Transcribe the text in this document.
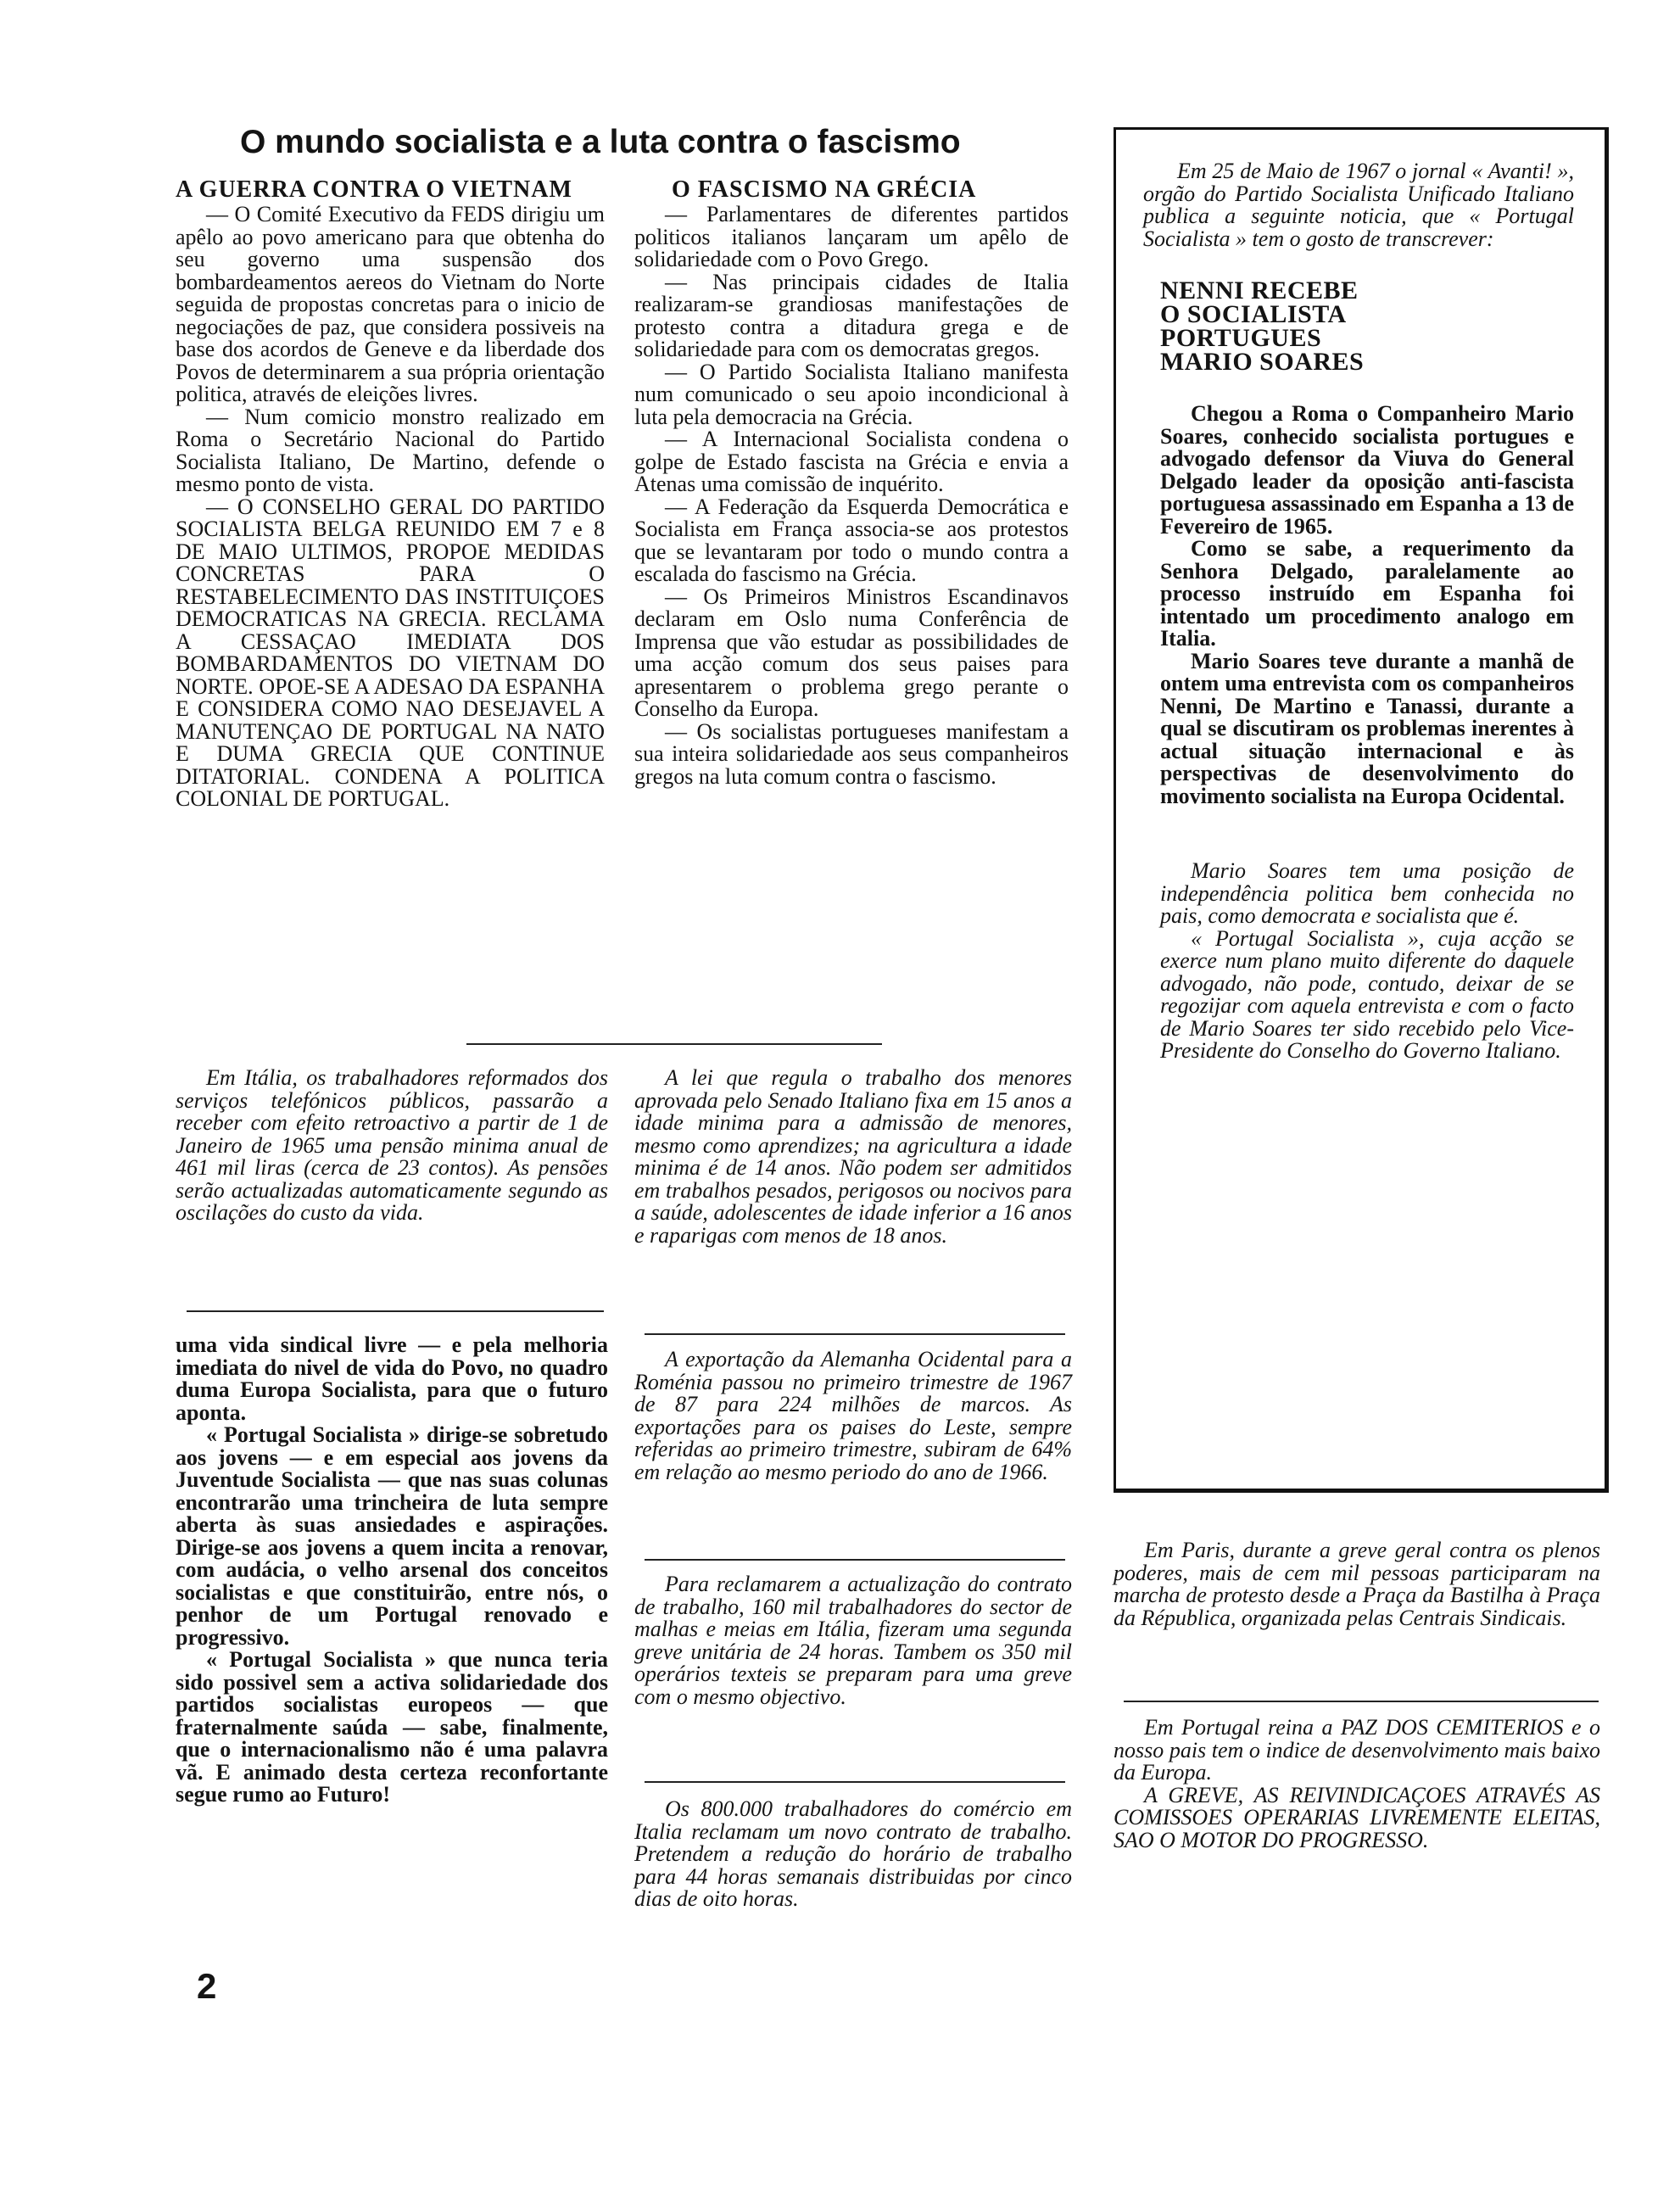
O mundo socialista e a luta contra o fascismo
A GUERRA CONTRA O VIETNAM

— O Comité Executivo da FEDS dirigiu um apêlo ao povo americano para que obtenha do seu governo uma suspensão dos bombardeamentos aereos do Vietnam do Norte seguida de propostas concretas para o inicio de negociações de paz, que considera possiveis na base dos acordos de Geneve e da liberdade dos Povos de determinarem a sua própria orientação politica, através de eleições livres.

— Num comicio monstro realizado em Roma o Secretário Nacional do Partido Socialista Italiano, De Martino, defende o mesmo ponto de vista.

— O CONSELHO GERAL DO PARTIDO SOCIALISTA BELGA REUNIDO EM 7 e 8 DE MAIO ULTIMOS, PROPOE MEDIDAS CONCRETAS PARA O RESTABELECIMENTO DAS INSTITUIÇOES DEMOCRATICAS NA GRECIA. RECLAMA A CESSAÇAO IMEDIATA DOS BOMBARDAMENTOS DO VIETNAM DO NORTE. OPOE-SE A ADESAO DA ESPANHA E CONSIDERA COMO NAO DESEJAVEL A MANUTENÇAO DE PORTUGAL NA NATO E DUMA GRECIA QUE CONTINUE DITATORIAL. CONDENA A POLITICA COLONIAL DE PORTUGAL.

O FASCISMO NA GRÉCIA

— Parlamentares de diferentes partidos politicos italianos lançaram um apêlo de solidariedade com o Povo Grego.

— Nas principais cidades de Italia realizaram-se grandiosas manifestações de protesto contra a ditadura grega e de solidariedade para com os democratas gregos.

— O Partido Socialista Italiano manifesta num comunicado o seu apoio incondicional à luta pela democracia na Grécia.

— A Internacional Socialista condena o golpe de Estado fascista na Grécia e envia a Atenas uma comissão de inquérito.

— A Federação da Esquerda Democrática e Socialista em França associa-se aos protestos que se levantaram por todo o mundo contra a escalada do fascismo na Grécia.

— Os Primeiros Ministros Escandinavos declaram em Oslo numa Conferência de Imprensa que vão estudar as possibilidades de uma acção comum dos seus paises para apresentarem o problema grego perante o Conselho da Europa.

— Os socialistas portugueses manifestam a sua inteira solidariedade aos seus companheiros gregos na luta comum contra o fascismo.

Em 25 de Maio de 1967 o jornal « Avanti! », orgão do Partido Socialista Unificado Italiano publica a seguinte noticia, que « Portugal Socialista » tem o gosto de transcrever:

NENNI RECEBE

O SOCIALISTA

PORTUGUES

MARIO SOARES

Chegou a Roma o Companheiro Mario Soares, conhecido socialista portugues e advogado defensor da Viuva do General Delgado leader da oposição anti-fascista portuguesa assassinado em Espanha a 13 de Fevereiro de 1965.

Como se sabe, a requerimento da Senhora Delgado, paralelamente ao processo instruído em Espanha foi intentado um procedimento analogo em Italia.

Mario Soares teve durante a manhã de ontem uma entrevista com os companheiros Nenni, De Martino e Tanassi, durante a qual se discutiram os problemas inerentes à actual situação internacional e às perspectivas de desenvolvimento do movimento socialista na Europa Ocidental.

Mario Soares tem uma posição de independência politica bem conhecida no pais, como democrata e socialista que é.

« Portugal Socialista », cuja acção se exerce num plano muito diferente do daquele advogado, não pode, contudo, deixar de se regozijar com aquela entrevista e com o facto de Mario Soares ter sido recebido pelo Vice-Presidente do Conselho do Governo Italiano.

Em Itália, os trabalhadores reformados dos serviços telefónicos públicos, passarão a receber com efeito retroactivo a partir de 1 de Janeiro de 1965 uma pensão minima anual de 461 mil liras (cerca de 23 contos). As pensões serão actualizadas automaticamente segundo as oscilações do custo da vida.

uma vida sindical livre — e pela melhoria imediata do nivel de vida do Povo, no quadro duma Europa Socialista, para que o futuro aponta.

« Portugal Socialista » dirige-se sobretudo aos jovens — e em especial aos jovens da Juventude Socialista — que nas suas colunas encontrarão uma trincheira de luta sempre aberta às suas ansiedades e aspirações. Dirige-se aos jovens a quem incita a renovar, com audácia, o velho arsenal dos conceitos socialistas e que constituirão, entre nós, o penhor de um Portugal renovado e progressivo.

« Portugal Socialista » que nunca teria sido possivel sem a activa solidariedade dos partidos socialistas europeos — que fraternalmente saúda — sabe, finalmente, que o internacionalismo não é uma palavra vã. E animado desta certeza reconfortante segue rumo ao Futuro!

A lei que regula o trabalho dos menores aprovada pelo Senado Italiano fixa em 15 anos a idade minima para a admissão de menores, mesmo como aprendizes; na agricultura a idade minima é de 14 anos. Não podem ser admitidos em trabalhos pesados, perigosos ou nocivos para a saúde, adolescentes de idade inferior a 16 anos e raparigas com menos de 18 anos.

A exportação da Alemanha Ocidental para a Roménia passou no primeiro trimestre de 1967 de 87 para 224 milhões de marcos. As exportações para os paises do Leste, sempre referidas ao primeiro trimestre, subiram de 64% em relação ao mesmo periodo do ano de 1966.

Para reclamarem a actualização do contrato de trabalho, 160 mil trabalhadores do sector de malhas e meias em Itália, fizeram uma segunda greve unitária de 24 horas. Tambem os 350 mil operários texteis se preparam para uma greve com o mesmo objectivo.

Os 800.000 trabalhadores do comércio em Italia reclamam um novo contrato de trabalho. Pretendem a redução do horário de trabalho para 44 horas semanais distribuidas por cinco dias de oito horas.

Em Paris, durante a greve geral contra os plenos poderes, mais de cem mil pessoas participaram na marcha de protesto desde a Praça da Bastilha à Praça da Républica, organizada pelas Centrais Sindicais.

Em Portugal reina a PAZ DOS CEMITERIOS e o nosso pais tem o indice de desenvolvimento mais baixo da Europa.

A GREVE, AS REIVINDICAÇOES ATRAVÉS AS COMISSOES OPERARIAS LIVREMENTE ELEITAS, SAO O MOTOR DO PROGRESSO.

2
